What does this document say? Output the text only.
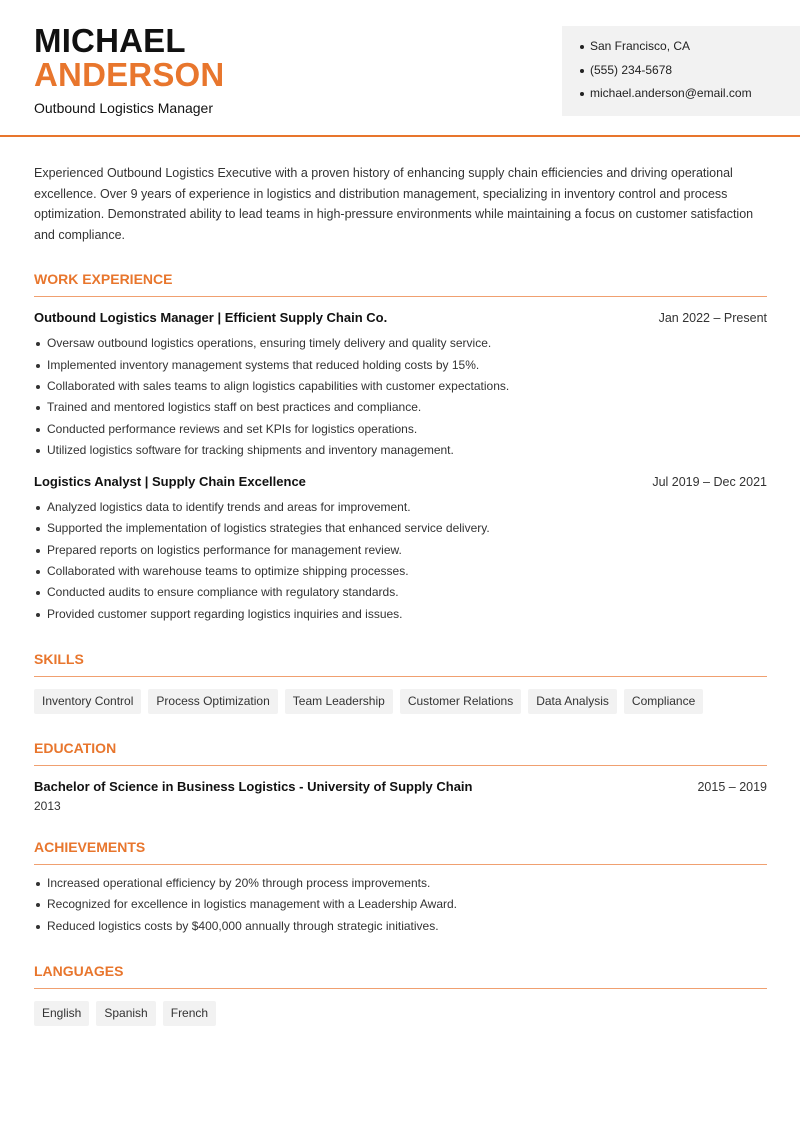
MICHAEL
ANDERSON
Outbound Logistics Manager
San Francisco, CA
(555) 234-5678
michael.anderson@email.com

Experienced Outbound Logistics Executive with a proven history of enhancing supply chain efficiencies and driving operational excellence. Over 9 years of experience in logistics and distribution management, specializing in inventory control and process optimization. Demonstrated ability to lead teams in high-pressure environments while maintaining a focus on customer satisfaction and compliance.

WORK EXPERIENCE
Outbound Logistics Manager | Efficient Supply Chain Co.	Jan 2022 – Present
Oversaw outbound logistics operations, ensuring timely delivery and quality service.
Implemented inventory management systems that reduced holding costs by 15%.
Collaborated with sales teams to align logistics capabilities with customer expectations.
Trained and mentored logistics staff on best practices and compliance.
Conducted performance reviews and set KPIs for logistics operations.
Utilized logistics software for tracking shipments and inventory management.
Logistics Analyst | Supply Chain Excellence	Jul 2019 – Dec 2021
Analyzed logistics data to identify trends and areas for improvement.
Supported the implementation of logistics strategies that enhanced service delivery.
Prepared reports on logistics performance for management review.
Collaborated with warehouse teams to optimize shipping processes.
Conducted audits to ensure compliance with regulatory standards.
Provided customer support regarding logistics inquiries and issues.
SKILLS
Inventory Control	Process Optimization	Team Leadership	Customer Relations	Data Analysis	Compliance
EDUCATION
Bachelor of Science in Business Logistics - University of Supply Chain	2015 – 2019
2013
ACHIEVEMENTS
Increased operational efficiency by 20% through process improvements.
Recognized for excellence in logistics management with a Leadership Award.
Reduced logistics costs by $400,000 annually through strategic initiatives.
LANGUAGES
English	Spanish	French
